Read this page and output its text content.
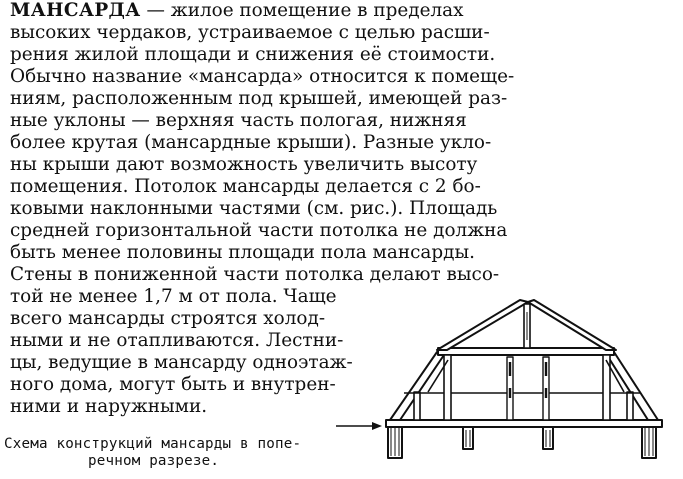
МАНСАРДА — жилое помещение в пределах
высоких чердаков, устраиваемое с целью расши-
рения жилой площади и снижения её стоимости.
Обычно название «мансарда» относится к помеще-
ниям, расположенным под крышей, имеющей раз-
ные уклоны — верхняя часть пологая, нижняя
более крутая (мансардные крыши). Разные уклo-
ны крыши дают возможность увеличить высоту
помещения. Потолок мансарды делается с 2 бо-
ковыми наклонными частями (см. рис.). Площадь
средней горизонтальной части потолка не должна
быть менее половины площади пола мансарды.
Стены в пониженной части потолка делают высо-
той не менее 1,7 м от пола. Чаще
всего мансарды строятся холод-
ными и не отапливаются. Лестни-
цы, ведущие в мансарду одноэтаж-
ного дома, могут быть и внутрен-
ними и наружными.
Схема конструкций мансарды в попе-
речном разрезе.
